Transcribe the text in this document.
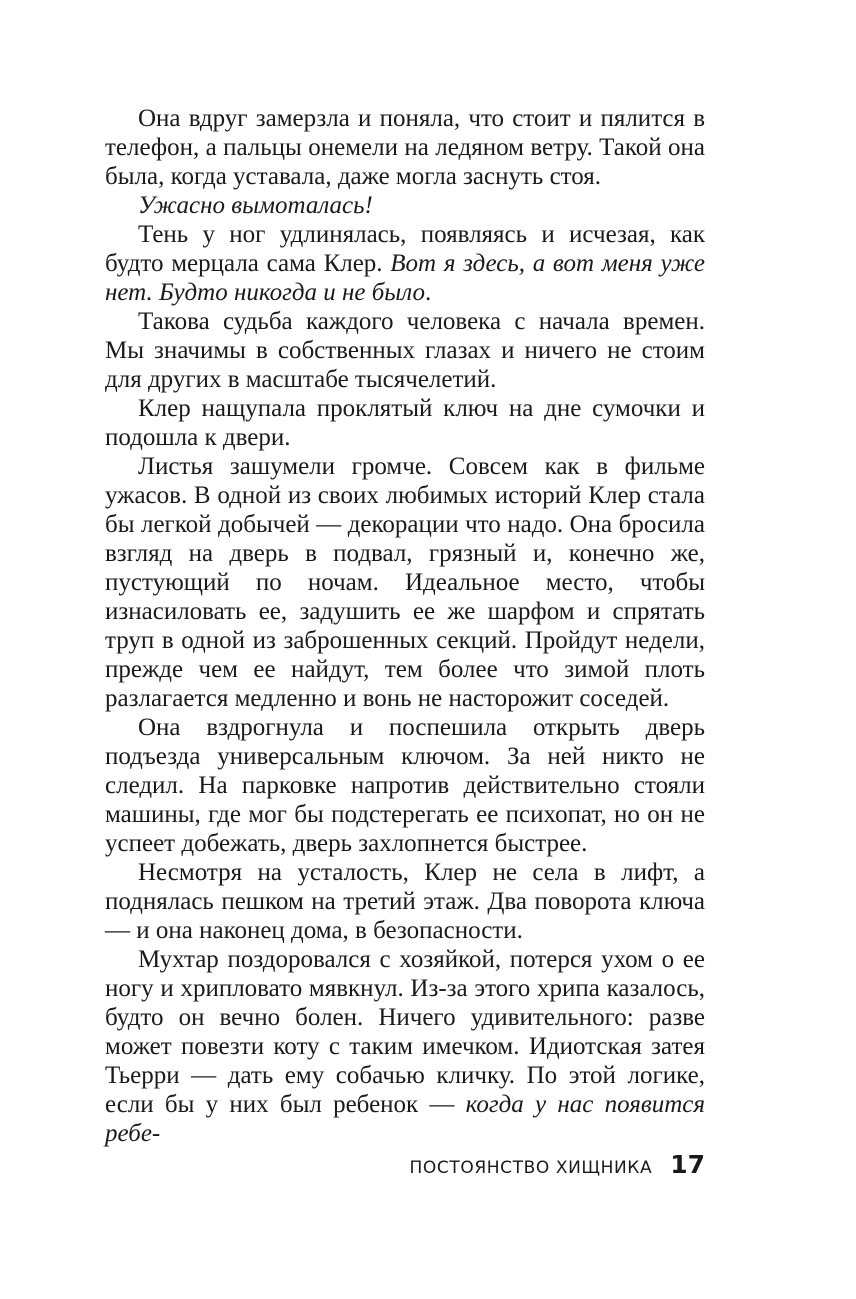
Она вдруг замерзла и поняла, что стоит и пялится в телефон, а пальцы онемели на ледяном ветру. Такой она была, когда уставала, даже могла заснуть стоя.

Ужасно вымоталась!

Тень у ног удлинялась, появляясь и исчезая, как будто мерцала сама Клер. Вот я здесь, а вот меня уже нет. Будто никогда и не было.

Такова судьба каждого человека с начала времен. Мы значимы в собственных глазах и ничего не стоим для других в масштабе тысячелетий.

Клер нащупала проклятый ключ на дне сумочки и подошла к двери.

Листья зашумели громче. Совсем как в фильме ужасов. В одной из своих любимых историй Клер стала бы легкой добычей — декорации что надо. Она бросила взгляд на дверь в подвал, грязный и, конечно же, пустующий по ночам. Идеальное место, чтобы изнасиловать ее, задушить ее же шарфом и спрятать труп в одной из заброшенных секций. Пройдут недели, прежде чем ее найдут, тем более что зимой плоть разлагается медленно и вонь не насторожит соседей.

Она вздрогнула и поспешила открыть дверь подъезда универсальным ключом. За ней никто не следил. На парковке напротив действительно стояли машины, где мог бы подстерегать ее психопат, но он не успеет добежать, дверь захлопнется быстрее.

Несмотря на усталость, Клер не села в лифт, а поднялась пешком на третий этаж. Два поворота ключа — и она наконец дома, в безопасности.

Мухтар поздоровался с хозяйкой, потерся ухом о ее ногу и хрипловато мявкнул. Из-за этого хрипа казалось, будто он вечно болен. Ничего удивительного: разве может повезти коту с таким имечком. Идиотская затея Тьерри — дать ему собачью кличку. По этой логике, если бы у них был ребенок — когда у нас появится ребе-

ПОСТОЯНСТВО ХИЩНИКА 17
